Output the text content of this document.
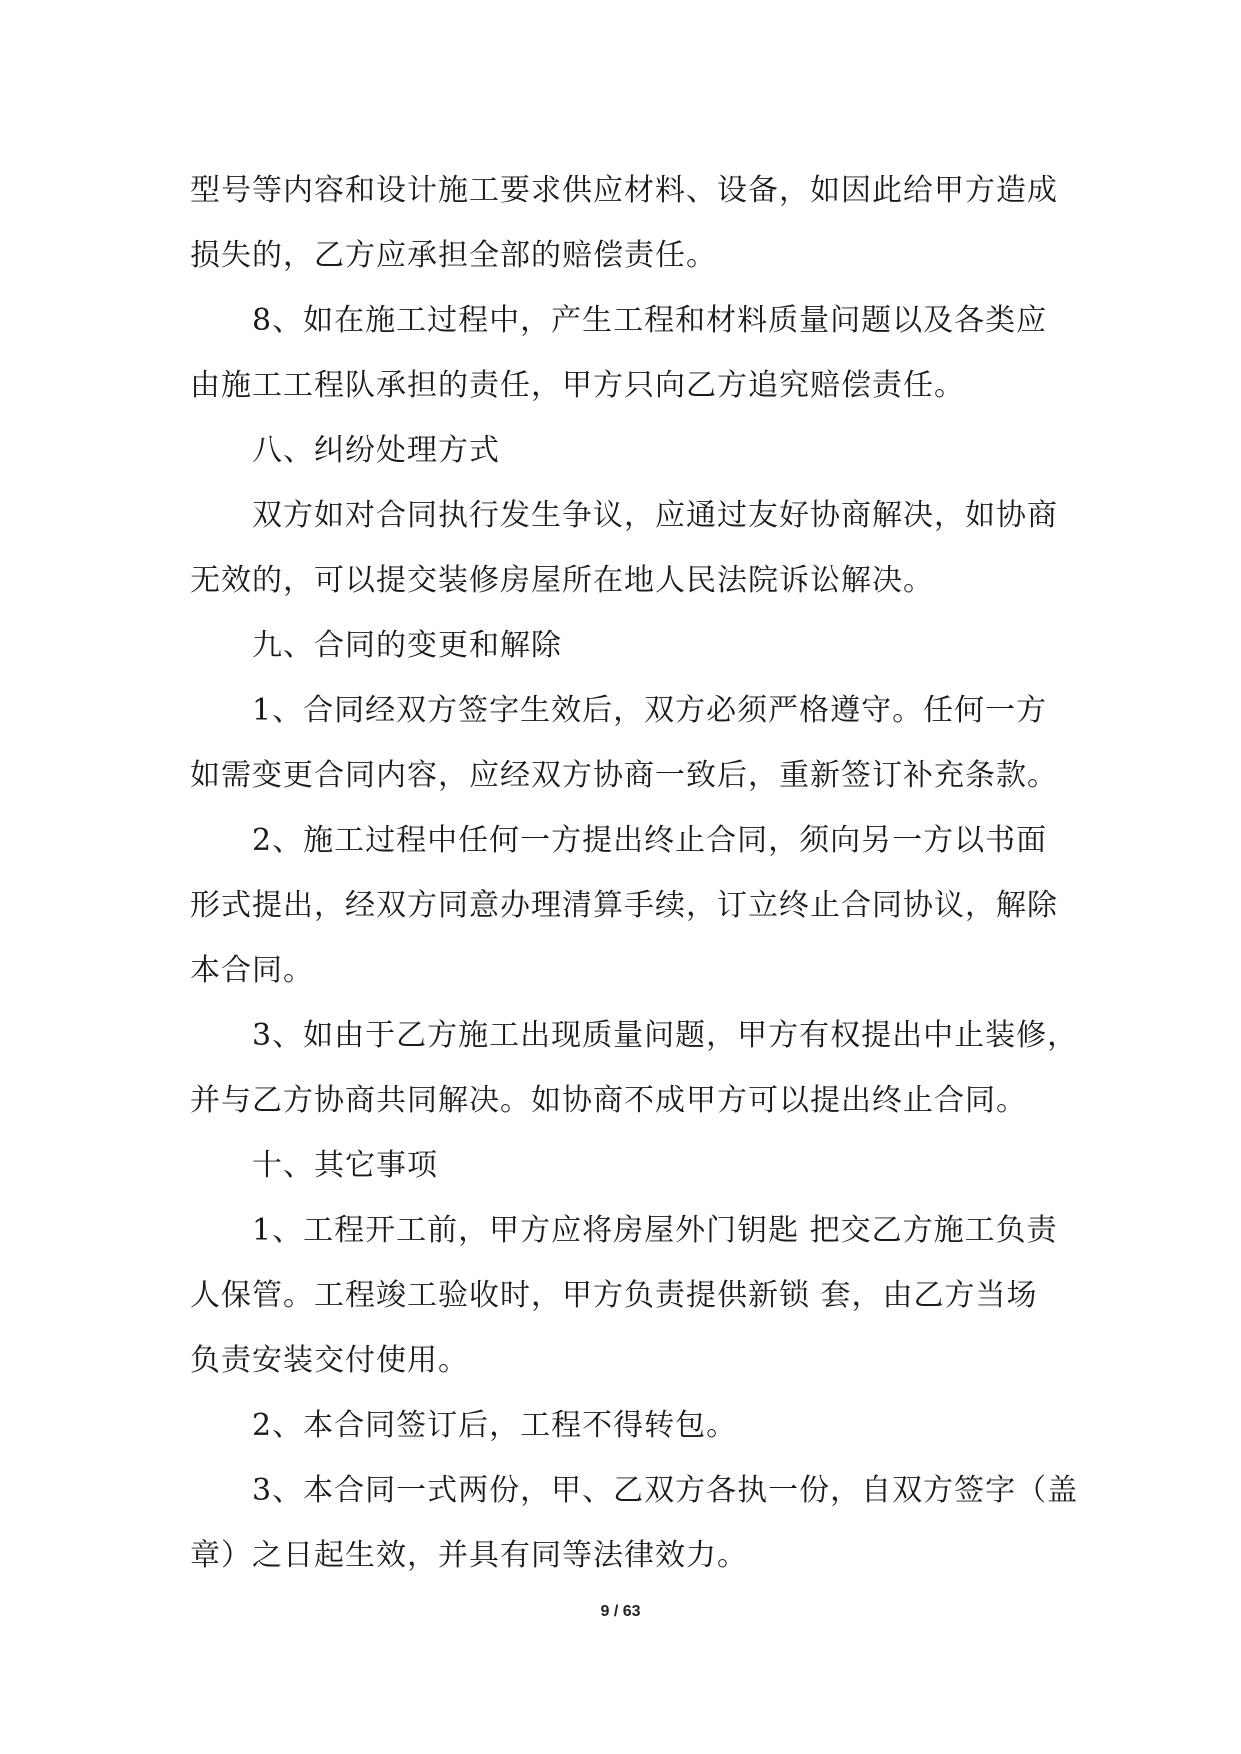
型号等内容和设计施工要求供应材料、设备，如因此给甲方造成
损失的，乙方应承担全部的赔偿责任。
8、如在施工过程中，产生工程和材料质量问题以及各类应
由施工工程队承担的责任，甲方只向乙方追究赔偿责任。
八、纠纷处理方式
双方如对合同执行发生争议，应通过友好协商解决，如协商
无效的，可以提交装修房屋所在地人民法院诉讼解决。
九、合同的变更和解除
1、合同经双方签字生效后，双方必须严格遵守。任何一方
如需变更合同内容，应经双方协商一致后，重新签订补充条款。
2、施工过程中任何一方提出终止合同，须向另一方以书面
形式提出，经双方同意办理清算手续，订立终止合同协议，解除
本合同。
3、如由于乙方施工出现质量问题，甲方有权提出中止装修，
并与乙方协商共同解决。如协商不成甲方可以提出终止合同。
十、其它事项
1、工程开工前，甲方应将房屋外门钥匙 把交乙方施工负责
人保管。工程竣工验收时，甲方负责提供新锁 套，由乙方当场
负责安装交付使用。
2、本合同签订后，工程不得转包。
3、本合同一式两份，甲、乙双方各执一份，自双方签字（盖
章）之日起生效，并具有同等法律效力。
9 / 63
